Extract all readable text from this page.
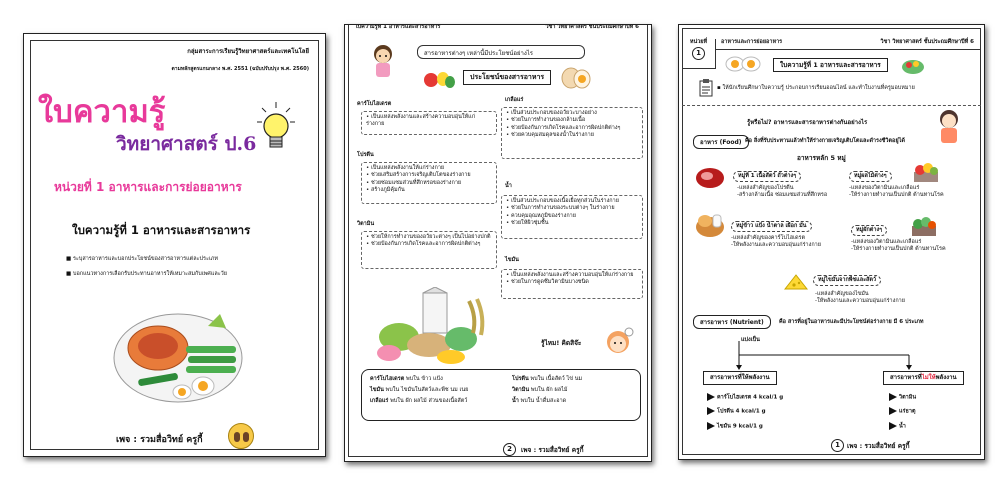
กลุ่มสาระการเรียนรู้วิทยาศาสตร์และเทคโนโลยี
ตามหลักสูตรแกนกลาง พ.ศ. 2551 (ฉบับปรับปรุง พ.ศ. 2560)
ใบความรู้
วิทยาศาสตร์ ป.6
หน่วยที่ 1 อาหารและการย่อยอาหาร
ใบความรู้ที่ 1 อาหารและสารอาหาร
■ ระบุสารอาหารและบอกประโยชน์ของสารอาหารแต่ละประเภท
■ บอกแนวทางการเลือกรับประทานอาหารให้เหมาะสมกับเพศและวัย
เพจ : รวมสื่อวิทย์ ครูกี้
ใบความรู้ที่ 1 อาหารและสารอาหาร	วิชา วิทยาศาสตร์ ชั้นประถมศึกษาปีที่ 6
สารอาหารต่างๆ เหล่านี้มีประโยชน์อย่างไร
ประโยชน์ของสารอาหาร
คาร์โบไฮเดรต
• เป็นแหล่งพลังงานและสร้างความอบอุ่นให้แก่ร่างกาย
โปรตีน
• เป็นแหล่งพลังงานให้แก่ร่างกาย
• ช่วยเสริมสร้างการเจริญเติบโตของร่างกาย
• ช่วยซ่อมแซมส่วนที่สึกหรอของร่างกาย
• สร้างภูมิคุ้มกัน
วิตามิน
• ช่วยให้การทำงานของอวัยวะต่างๆ เป็นไปอย่างปกติ
• ช่วยป้องกันการเกิดโรคและอาการผิดปกติต่างๆ
เกลือแร่
• เป็นส่วนประกอบของอวัยวะบางอย่าง
• ช่วยในการทำงานของกล้ามเนื้อ
• ช่วยป้องกันการเกิดโรคและอาการผิดปกติต่างๆ
• ช่วยควบคุมสมดุลของน้ำในร่างกาย
น้ำ
• เป็นส่วนประกอบของเนื้อเยื่อทุกส่วนในร่างกาย
• ช่วยในการทำงานของระบบต่างๆ ในร่างกาย
• ควบคุมอุณหภูมิของร่างกาย
• ช่วยให้ผิวชุ่มชื้น
ไขมัน
• เป็นแหล่งพลังงานและสร้างความอบอุ่นให้แก่ร่างกาย
• ช่วยในการดูดซึมวิตามินบางชนิด
รู้ไหม! คิดสิจ๊ะ
คาร์โบไฮเดรต พบใน ข้าว แป้ง
ไขมัน พบใน ไขมันในสัตว์และพืช นม เนย
เกลือแร่ พบใน ผัก ผลไม้ ส่วนของเนื้อสัตว์
โปรตีน พบใน เนื้อสัตว์ ไข่ นม
วิตามิน พบใน ผัก ผลไม้
น้ำ พบใน น้ำดื่มสะอาด
2	เพจ : รวมสื่อวิทย์ ครูกี้
หน่วยที่
1
อาหารและการย่อยอาหาร	วิชา วิทยาศาสตร์ ชั้นประถมศึกษาปีที่ 6
ใบความรู้ที่ 1 อาหารและสารอาหาร
▪ ให้นักเรียนศึกษาใบความรู้ ประกอบการเรียนออนไลน์ และทำใบงานที่ครูมอบหมาย
รู้หรือไม่? อาหารและสารอาหารต่างกันอย่างไร
อาหาร (Food) คือ สิ่งที่รับประทานแล้วทำให้ร่างกายเจริญเติบโตและดำรงชีวิตอยู่ได้
อาหารหลัก 5 หมู่
หมู่ที่ 1 เนื้อสัตว์ ถั่วต่างๆ
-แหล่งสำคัญของโปรตีน
-สร้างกล้ามเนื้อ ซ่อมแซมส่วนที่สึกหรอ
หมู่ผลไม้ต่างๆ
-แหล่งของวิตามินและเกลือแร่
-ให้ร่างกายทำงานเป็นปกติ ต้านทานโรค
หมู่ข้าว แป้ง น้ำตาล เผือก มัน
-แหล่งสำคัญของคาร์โบไฮเดรต
-ให้พลังงานและความอบอุ่นแก่ร่างกาย
หมู่ผักต่างๆ
-แหล่งของวิตามินและเกลือแร่
-ให้ร่างกายทำงานเป็นปกติ ต้านทานโรค
หมู่ไขมันจากพืชและสัตว์
-แหล่งสำคัญของไขมัน
-ให้พลังงานและความอบอุ่นแก่ร่างกาย
สารอาหาร (Nutrient)	คือ สารที่อยู่ในอาหารและมีประโยชน์ต่อร่างกาย มี 6 ประเภท
แบ่งเป็น
สารอาหารที่ให้พลังงาน	สารอาหารที่ไม่ให้พลังงาน
คาร์โบไฮเดรต 4 kcal/1 g
โปรตีน 4 kcal/1 g
ไขมัน 9 kcal/1 g
วิตามิน
แร่ธาตุ
น้ำ
1	เพจ : รวมสื่อวิทย์ ครูกี้
